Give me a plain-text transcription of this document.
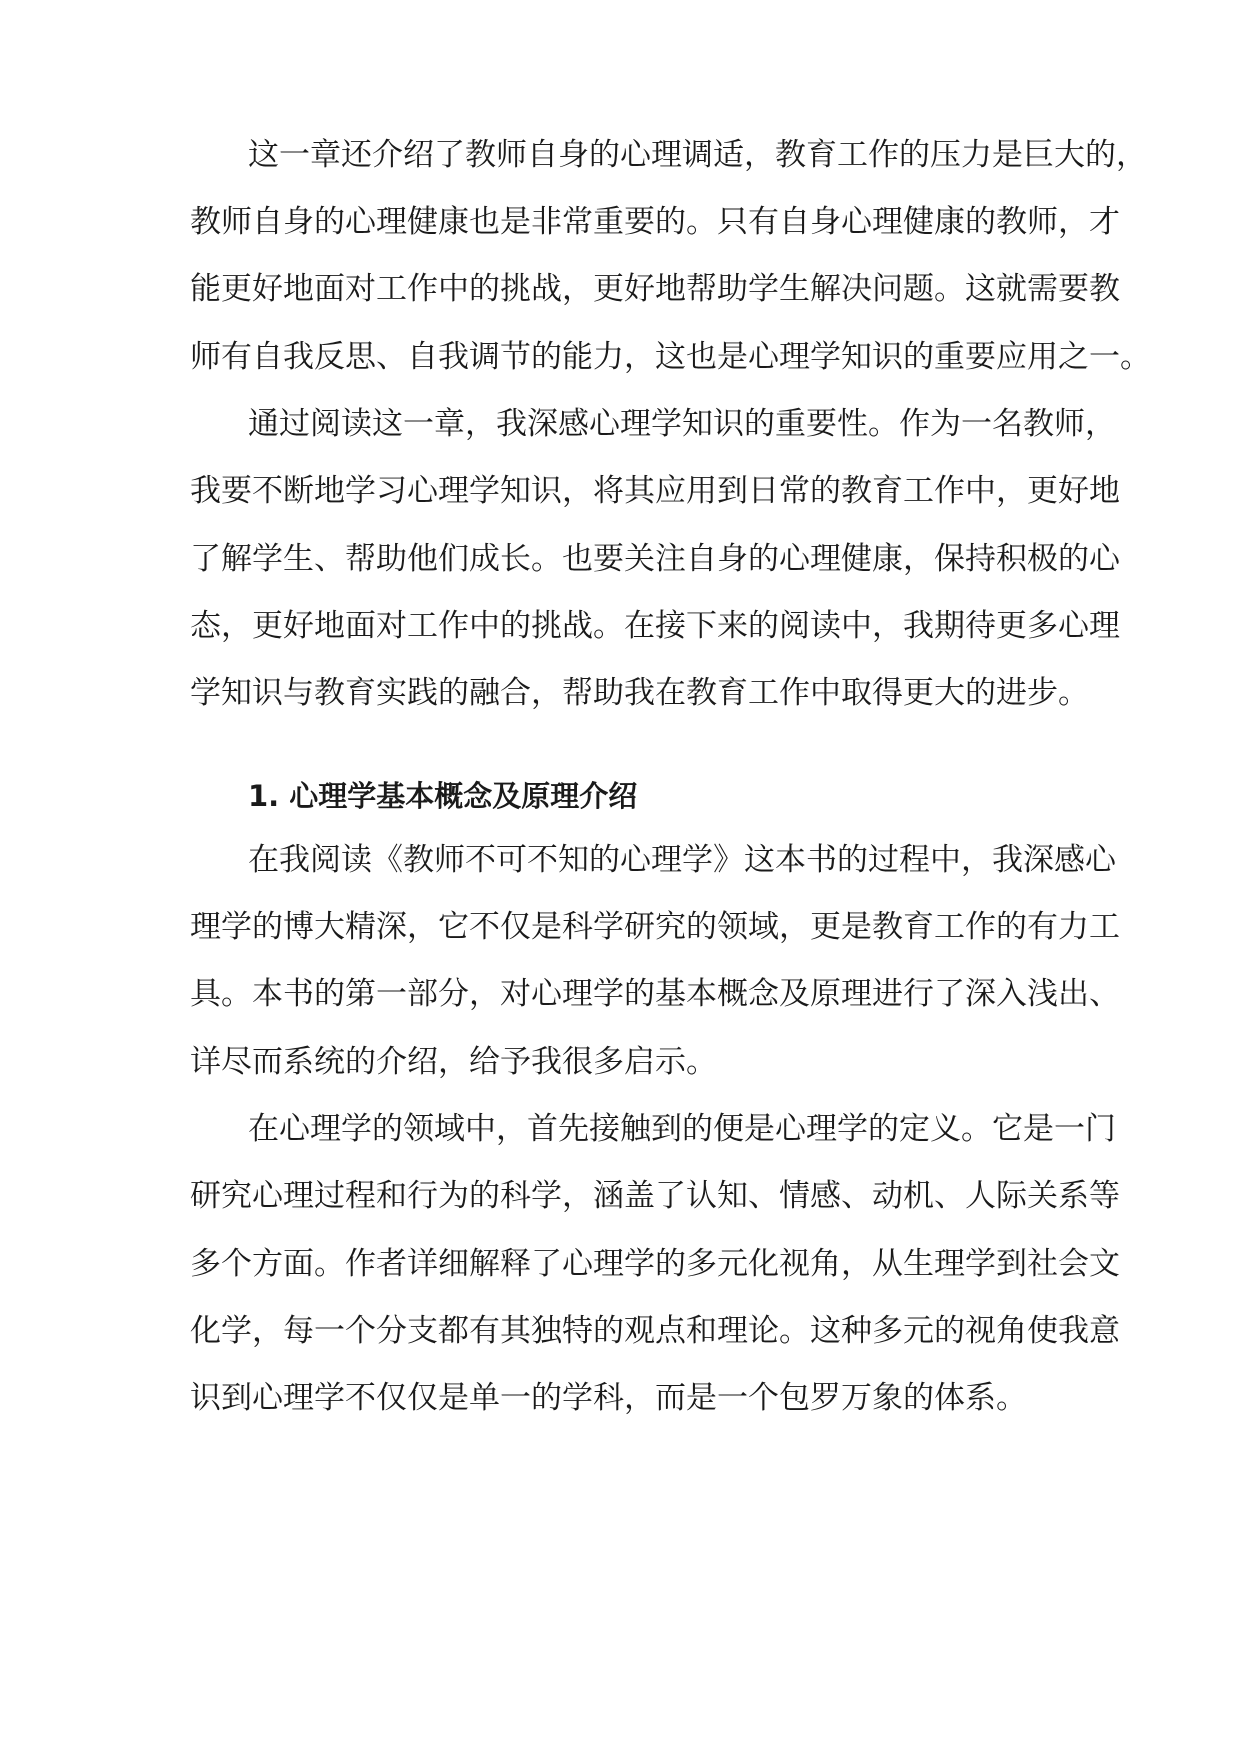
这一章还介绍了教师自身的心理调适，教育工作的压力是巨大的，
教师自身的心理健康也是非常重要的。只有自身心理健康的教师，才
能更好地面对工作中的挑战，更好地帮助学生解决问题。这就需要教
师有自我反思、自我调节的能力，这也是心理学知识的重要应用之一。
通过阅读这一章，我深感心理学知识的重要性。作为一名教师，
我要不断地学习心理学知识，将其应用到日常的教育工作中，更好地
了解学生、帮助他们成长。也要关注自身的心理健康，保持积极的心
态，更好地面对工作中的挑战。在接下来的阅读中，我期待更多心理
学知识与教育实践的融合，帮助我在教育工作中取得更大的进步。
1. 心理学基本概念及原理介绍
在我阅读《教师不可不知的心理学》这本书的过程中，我深感心
理学的博大精深，它不仅是科学研究的领域，更是教育工作的有力工
具。本书的第一部分，对心理学的基本概念及原理进行了深入浅出、
详尽而系统的介绍，给予我很多启示。
在心理学的领域中，首先接触到的便是心理学的定义。它是一门
研究心理过程和行为的科学，涵盖了认知、情感、动机、人际关系等
多个方面。作者详细解释了心理学的多元化视角，从生理学到社会文
化学，每一个分支都有其独特的观点和理论。这种多元的视角使我意
识到心理学不仅仅是单一的学科，而是一个包罗万象的体系。
